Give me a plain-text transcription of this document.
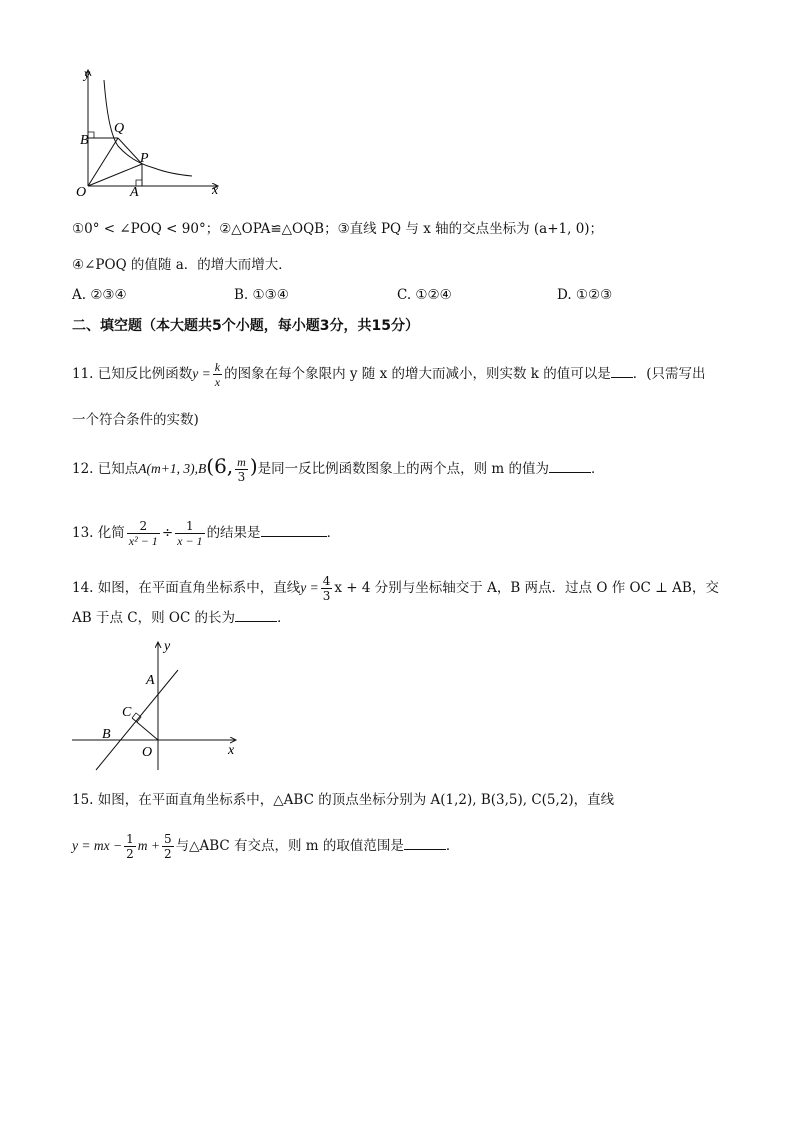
y
x
O	A
B
P
Q
①0° < ∠POQ < 90°；②△OPA≌△OQB；③直线 PQ 与 x 轴的交点坐标为 (a+1, 0)；
④∠POQ 的值随 a．的增大而增大．
A. ②③④	B. ①③④	C. ①②④	D. ①②③
二、填空题（本大题共5个小题，每小题3分，共15分）
11. 已知反比例函数$y = \frac{k}{x}$ 的图象在每个象限内 y 随 x 的增大而减小，则实数 k 的值可以是 ．(只需写出
一个符合条件的实数)
12. 已知点A(m+1, 3),B(6, $\frac{m}{3}$ )是同一反比例函数图象上的两个点，则 m 的值为	．
13. 化简 $\frac{2}{\text{x² − 1}} \div \frac{1}{x - 1}$ 的结果是	．
14. 如图，在平面直角坐标系中，直线$y = \frac{4}{3}$ x + 4 分别与坐标轴交于 A，B 两点．过点 O 作 OC ⊥ AB，交
AB 于点 C，则 OC 的长为	．
y
x
A
B
C
O
15. 如图，在平面直角坐标系中，△ABC 的顶点坐标分别为 A(1,2), B(3,5), C(5,2)，直线
y = mx − $\frac{1}{2}$ $m + \frac{5}{2}$ 与△ABC 有交点，则 m 的取值范围是	．
